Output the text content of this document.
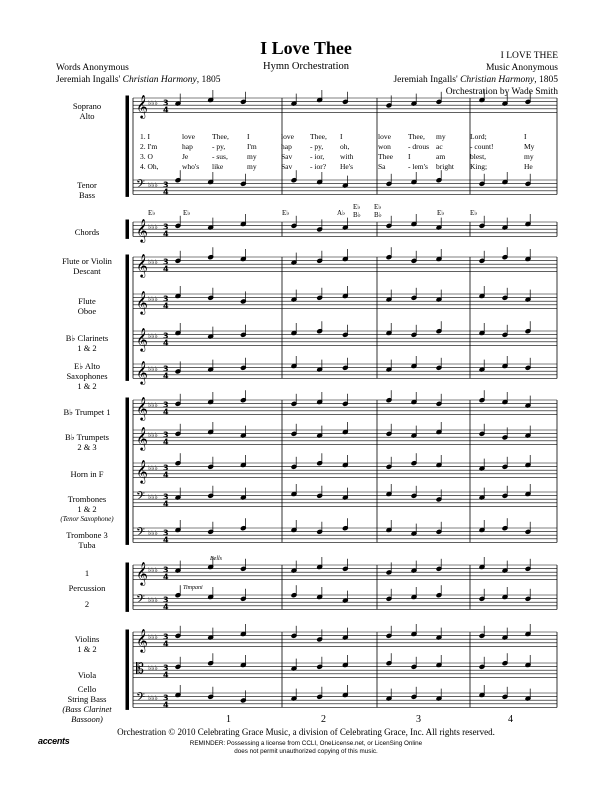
I Love Thee
Hymn Orchestration
Words Anonymous
Jeremiah Ingalls' Christian Harmony, 1805
I LOVE THEE
Music Anonymous
Jeremiah Ingalls' Christian Harmony, 1805
Orchestration by Wade Smith
𝄞 ♭♭♭ 3
4
𝄢 ♭♭♭ 3
4
𝄞 ♭♭♭ 3
4
𝄞 ♭♭♭ 3
4
𝄞 ♭♭♭ 3
4
𝄞 ♭♭♭ 3
4
𝄞 ♭♭♭ 3
4
𝄞 ♭♭♭ 3
4
𝄞 ♭♭♭ 3
4
𝄞 ♭♭♭ 3
4
𝄢 ♭♭♭ 3
4
𝄢 ♭♭♭ 3
4
𝄞 ♭♭♭ 3
4
𝄢 ♭♭♭ 3
4
𝄞 ♭♭♭ 3
4
𝄡 ♭♭♭ 3
4
𝄢 ♭♭♭ 3
4
Soprano
Alto
Tenor
Bass
Chords
Flute or Violin
Descant
Flute
Oboe
B♭ Clarinets
1 & 2
E♭ Alto
Saxophones
1 & 2
B♭ Trumpet 1
B♭ Trumpets
2 & 3
Horn in F
Trombones
1 & 2
(Tenor Saxophone)
Trombone 3
Tuba
1
Percussion
2
Violins
1 & 2
Viola
Cello
String Bass
(Bass Clarinet
Bassoon)
1. I	love Thee, I	love Thee, I	love Thee, my	Lord;	I
2. I'm	hap	- py,	I'm	hap - py, oh,	won - drous ac	- count!	My
3. O	Je	- sus,	my	Sav - ior, with	Thee I	am	blest,	my
4. Oh,	who's like	my	Sav - ior? He's	Sa	- lem's bright King;	He
E♭	E♭	E♭	A♭
E♭
B♭
E♭
B♭	E♭	E♭
Bells
Timpani
1	2	3	4
Orchestration © 2010 Celebrating Grace Music, a division of Celebrating Grace, Inc. All rights reserved.
REMINDER: Possessing a license from CCLI, OneLicense.net, or LicenSing Online
does not permit unauthorized copying of this music.
accents
